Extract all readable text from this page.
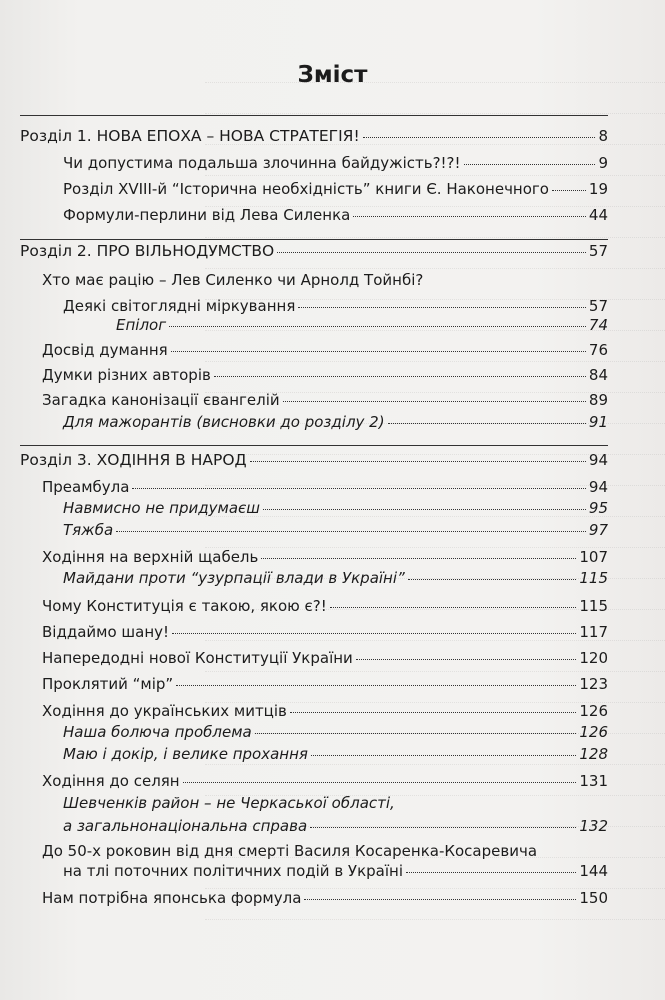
Зміст
Розділ 1. НОВА ЕПОХА – НОВА СТРАТЕГІЯ!	8
Чи допустима подальша злочинна байдужість?!?!	9
Розділ XVIII-й “Історична необхідність” книги Є. Наконечного	19
Формули-перлини від Лева Силенка	44
Розділ 2. ПРО ВІЛЬНОДУМСТВО	57
Хто має рацію – Лев Силенко чи Арнолд Тойнбі?
Деякі світоглядні міркування	57
Епілог	74
Досвід думання	76
Думки різних авторів	84
Загадка канонізації євангелій	89
Для мажорантів (висновки до розділу 2)	91
Розділ 3. ХОДІННЯ В НАРОД	94
Преамбула	94
Навмисно не придумаєш	95
Тяжба	97
Ходіння на верхній щабель	107
Майдани проти “узурпації влади в Україні”	115
Чому Конституція є такою, якою є?!	115
Віддаймо шану!	117
Напередодні нової Конституції України	120
Проклятий “мір”	123
Ходіння до українських митців	126
Наша болюча проблема	126
Маю і докір, і велике прохання	128
Ходіння до селян	131
Шевченків район – не Черкаської області,
а загальнонаціональна справа	132
До 50-х роковин від дня смерті Василя Косаренка-Косаревича
на тлі поточних політичних подій в Україні	144
Нам потрібна японська формула	150
